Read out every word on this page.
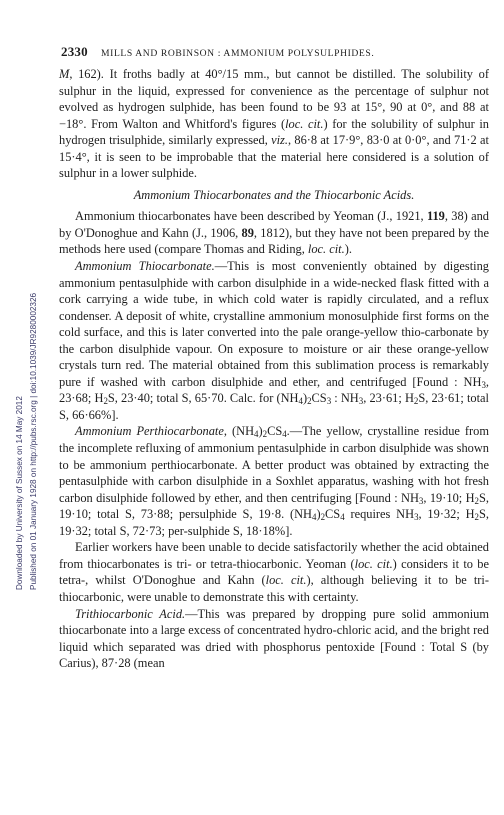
2330 MILLS AND ROBINSON : AMMONIUM POLYSULPHIDES.
Downloaded by University of Sussex on 14 May 2012 Published on 01 January 1928 on http://pubs.rsc.org | doi:10.1039/JR9280002326

M, 162). It froths badly at 40°/15 mm., but cannot be distilled. The solubility of sulphur in the liquid, expressed for convenience as the percentage of sulphur not evolved as hydrogen sulphide, has been found to be 93 at 15°, 90 at 0°, and 88 at −18°. From Walton and Whitford's figures (loc. cit.) for the solubility of sulphur in hydrogen trisulphide, similarly expressed, viz., 86·8 at 17·9°, 83·0 at 0·0°, and 71·2 at 15·4°, it is seen to be improbable that the material here considered is a solution of sulphur in a lower sulphide.

Ammonium Thiocarbonates and the Thiocarbonic Acids.

Ammonium thiocarbonates have been described by Yeoman (J., 1921, 119, 38) and by O'Donoghue and Kahn (J., 1906, 89, 1812), but they have not been prepared by the methods here used (compare Thomas and Riding, loc. cit.).

Ammonium Thiocarbonate.—This is most conveniently obtained by digesting ammonium pentasulphide with carbon disulphide in a wide-necked flask fitted with a cork carrying a wide tube, in which cold water is rapidly circulated, and a reflux condenser. A deposit of white, crystalline ammonium monosulphide first forms on the cold surface, and this is later converted into the pale orange-yellow thio-carbonate by the carbon disulphide vapour. On exposure to moisture or air these orange-yellow crystals turn red. The material obtained from this sublimation process is remarkably pure if washed with carbon disulphide and ether, and centrifuged [Found : $NH_3$, 23·68; $H_2S$, 23·40; total S, 65·70. Calc. for $(NH_4)_2CS_3$ : $NH_3$, 23·61; $H_2S$, 23·61; total S, 66·66%].

Ammonium Perthiocarbonate, $(NH_4)_2CS_4.—The$ yellow, crystalline residue from the incomplete refluxing of ammonium pentasulphide in carbon disulphide was shown to be ammonium perthiocarbonate. A better product was obtained by extracting the pentasulphide with carbon disulphide in a Soxhlet apparatus, washing with hot fresh carbon disulphide followed by ether, and then centrifuging [Found : $NH_3$, 19·10; $H_2S$, 19·10; total S, 73·88; persulphide S, 19·8. $(NH_4)_2CS_4$ requires $NH_3$, 19·32; $H_2S$, 19·32; total S, 72·73; per-sulphide S, 18·18%].

Earlier workers have been unable to decide satisfactorily whether the acid obtained from thiocarbonates is tri- or tetra-thiocarbonic. Yeoman (loc. cit.) considers it to be tetra-, whilst O'Donoghue and Kahn (loc. cit.), although believing it to be tri-thiocarbonic, were unable to demonstrate this with certainty.

Trithiocarbonic Acid.—This was prepared by dropping pure solid ammonium thiocarbonate into a large excess of concentrated hydro-chloric acid, and the bright red liquid which separated was dried with phosphorus pentoxide [Found : Total S (by Carius), 87·28 (mean
